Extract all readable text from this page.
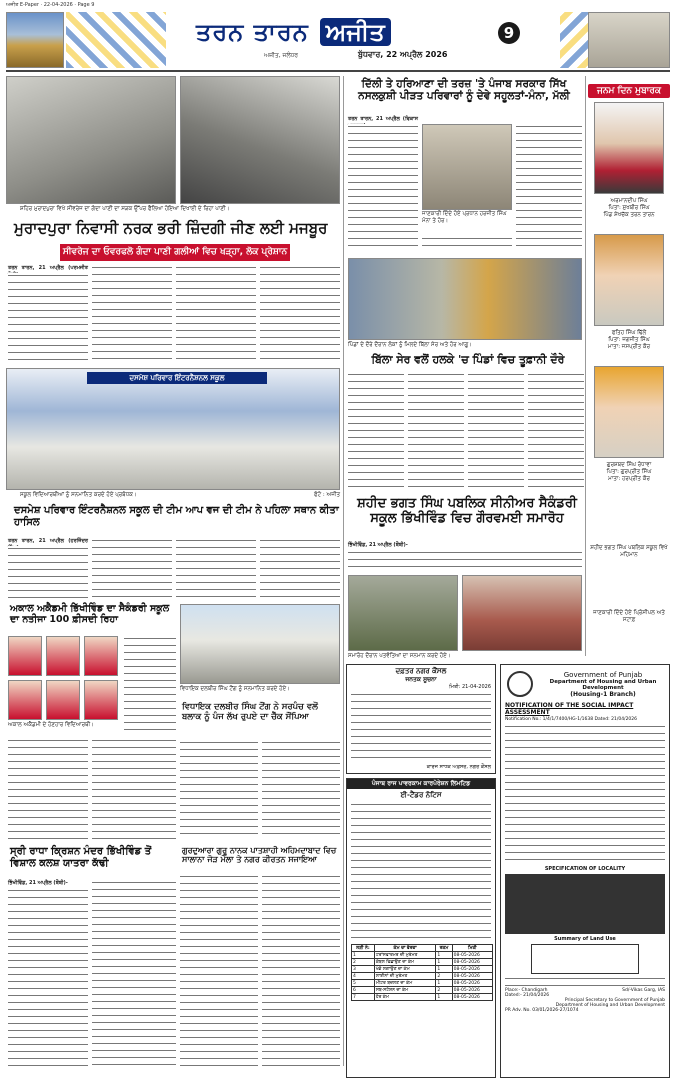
ਅਜੀਤ E-Paper · 22-04-2026 · Page 9
ਤਰਨ ਤਾਰਨ ਅਜੀਤ
ਅਜੀਤ, ਜਲੰਧਰ	ਬੁੱਧਵਾਰ, 22 ਅਪ੍ਰੈਲ 2026
9
ਸ਼ਹਿਰ ਮੁਰਾਦਪੁਰਾ ਵਿਖੇ ਸੀਵਰੇਜ ਦਾ ਗੰਦਾ ਪਾਣੀ ਦਾ ਸੜਕ ਉੱਪਰ ਫੈਲਿਆ ਹੋਇਆ ਦਿਖਾਈ ਦੇ ਰਿਹਾ ਪਾਣੀ।
ਮੁਰਾਦਪੁਰਾ ਨਿਵਾਸੀ ਨਰਕ ਭਰੀ ਜ਼ਿੰਦਗੀ ਜੀਣ ਲਈ ਮਜਬੂਰ
ਸੀਵਰੇਜ ਦਾ ਓਵਰਫਲੋ ਗੰਦਾ ਪਾਣੀ ਗਲੀਆਂ ਵਿਚ ਖੜ੍ਹਾ, ਲੋਕ ਪ੍ਰੇਸ਼ਾਨ
ਤਰਨ ਤਾਰਨ, 21 ਅਪ੍ਰੈਲ (ਪਰਮਜੀਤ
ਦਿੱਲੀ ਤੇ ਹਰਿਆਣਾ ਦੀ ਤਰਜ਼ 'ਤੇ ਪੰਜਾਬ ਸਰਕਾਰ ਸਿੱਖ ਨਸਲਕੁਸ਼ੀ ਪੀੜਤ ਪਰਿਵਾਰਾਂ ਨੂੰ ਦੇਵੇ ਸਹੂਲਤਾਂ-ਮੰਨਾ, ਮੱਲੀ
ਤਰਨ ਤਾਰਨ, 21 ਅਪ੍ਰੈਲ (ਵਿਕਾਸ
ਜਾਣਕਾਰੀ ਦਿੰਦੇ ਹੋਏ ਪ੍ਰਧਾਨ ਹਰਜੀਤ ਸਿੰਘ ਮੰਨਾ ਤੇ ਹੋਰ।
ਪਿੰਡਾਂ ਦੇ ਦੌਰੇ ਦੌਰਾਨ ਲੋਕਾਂ ਨੂੰ ਮਿਲਦੇ ਬਿੱਲਾ ਸੇਰ ਅਤੇ ਹੋਰ ਆਗੂ।
ਬਿੱਲਾ ਸੇਰ ਵਲੋਂ ਹਲਕੇ 'ਚ ਪਿੰਡਾਂ ਵਿਚ ਤੂਫ਼ਾਨੀ ਦੌਰੇ
ਦਸਮੇਸ਼ ਪਰਿਵਾਰ ਇੰਟਰਨੈਸ਼ਨਲ ਸਕੂਲ
ਸਕੂਲ ਵਿਦਿਆਰਥੀਆਂ ਨੂੰ ਸਨਮਾਨਿਤ ਕਰਦੇ ਹੋਏ ਪ੍ਰਬੰਧਕ।	ਫੋਟੋ : ਅਜੀਤ
ਦਸਮੇਸ਼ ਪਰਿਵਾਰ ਇੰਟਰਨੈਸ਼ਨਲ ਸਕੂਲ ਦੀ ਟੀਮ ਆਪ ਵਜ ਦੀ ਟੀਮ ਨੇ ਪਹਿਲਾ ਸਥਾਨ ਕੀਤਾ ਹਾਸਿਲ
ਸ਼ਹੀਦ ਭਗਤ ਸਿੰਘ ਪਬਲਿਕ ਸੀਨੀਅਰ ਸੈਕੰਡਰੀ ਸਕੂਲ ਭਿੱਖੀਵਿੰਡ ਵਿਚ ਗੌਰਵਮਈ ਸਮਾਰੋਹ
ਭਿੱਖੀਵਿੰਡ, 21 ਅਪ੍ਰੈਲ (ਬੌਬੀ)-
ਸਮਾਰੋਹ ਦੌਰਾਨ ਪਤਵੰਤਿਆਂ ਦਾ ਸਨਮਾਨ ਕਰਦੇ ਹੋਏ।
ਤਰਨ ਤਾਰਨ, 21 ਅਪ੍ਰੈਲ (ਹਰਜਿੰਦਰ
ਅਕਾਲ ਅਕੈਡਮੀ ਭਿੱਖੀਵਿੰਡ ਦਾ ਸੈਕੰਡਰੀ ਸਕੂਲ ਦਾ ਨਤੀਜਾ 100 ਫ਼ੀਸਦੀ ਰਿਹਾ
ਅਕਾਲ ਅਕੈਡਮੀ ਦੇ ਹੋਣਹਾਰ ਵਿਦਿਆਰਥੀ।
ਵਿਧਾਇਕ ਦਲਬੀਰ ਸਿੰਘ ਟੌਂਗ ਨੂੰ ਸਨਮਾਨਿਤ ਕਰਦੇ ਹੋਏ।
ਵਿਧਾਇਕ ਦਲਬੀਰ ਸਿੰਘ ਟੌਂਗ ਨੇ ਸਰਪੰਚ ਵਲੋਂ ਬਲਾਕ ਨੂੰ ਪੰਜ ਲੱਖ ਰੁਪਏ ਦਾ ਚੈੱਕ ਸੌਂਪਿਆ
ਸ੍ਰੀ ਰਾਧਾ ਕ੍ਰਿਸ਼ਨ ਮੰਦਰ ਭਿੱਖੀਵਿੰਡ ਤੋਂ ਵਿਸ਼ਾਲ ਕਲਸ਼ ਯਾਤਰਾ ਕੱਢੀ
ਭਿੱਖੀਵਿੰਡ, 21 ਅਪ੍ਰੈਲ (ਬੌਬੀ)-
ਗੁਰਦੁਆਰਾ ਗੁਰੂ ਨਾਨਕ ਪਾਤਸ਼ਾਹੀ ਅਹਿਮਦਾਬਾਦ ਵਿਚ ਸਾਲਾਨਾ ਜੋੜ ਮੇਲਾ ਤੇ ਨਗਰ ਕੀਰਤਨ ਸਜਾਇਆ
ਦਫ਼ਤਰ ਨਗਰ ਕੌਂਸਲ
ਜਨਤਕ ਸੂਚਨਾ
ਮਿਤੀ: 21-04-2026
ਕਾਰਜ ਸਾਧਕ ਅਫ਼ਸਰ, ਨਗਰ ਕੌਂਸਲ
ਪੰਜਾਬ ਰਾਜ ਪਾਵਰਕਾਮ ਕਾਰਪੋਰੇਸ਼ਨ ਲਿਮਟਿਡ
ਈ-ਟੈਂਡਰ ਨੋਟਿਸ
ਲੜੀ ਨੰ:	ਕੰਮ ਦਾ ਵੇਰਵਾ	ਰਕਮ	ਮਿਤੀ
1	ਟਰਾਂਸਫਾਰਮਰ ਦੀ ਮੁਰੰਮਤ	1	08-05-2026
2	ਕੇਬਲ ਵਿਛਾਉਣ ਦਾ ਕੰਮ	1	08-05-2026
3	ਖੰਭੇ ਲਗਾਉਣ ਦਾ ਕੰਮ	1	08-05-2026
4	ਲਾਈਨਾਂ ਦੀ ਮੁਰੰਮਤ	2	08-05-2026
5	ਮੀਟਰ ਬਦਲਣ ਦਾ ਕੰਮ	1	08-05-2026
6	ਸਬ-ਸਟੇਸ਼ਨ ਦਾ ਕੰਮ	2	08-05-2026
7	ਹੋਰ ਕੰਮ	1	08-05-2026
Government of Punjab
Department of Housing and Urban Development
(Housing-1 Branch)
NOTIFICATION OF THE SOCIAL IMPACT ASSESSMENT
Notification No.: 1/4/1/7400/HG-1/1638 Dated: 21/04/2026
SPECIFICATION OF LOCALITY
Summary of Land Use
Place:- Chandigarh
Dated:- 21/04/2026
Sd/-Vikas Garg, IAS
Principal Secretary to Government of Punjab
Department of Housing and Urban Development
PR Adv. No. 03/01/2026-27/1074
ਜਨਮ ਦਿਨ ਮੁਬਾਰਕ
ਅਰਮਾਨਦੀਪ ਸਿੰਘ
ਪਿਤਾ: ਸੁਖਬੀਰ ਸਿੰਘ
ਪਿੰਡ ਸ਼ੇਖਚੱਕ ਤਰਨ ਤਾਰਨ
ਫਤਿਹ ਸਿੰਘ ਢਿੱਲੋਂ
ਪਿਤਾ: ਜਗਜੀਤ ਸਿੰਘ
ਮਾਤਾ: ਜਸਪ੍ਰੀਤ ਕੌਰ
ਗੁਰਸ਼ਬਦ ਸਿੰਘ ਰੰਧਾਵਾ
ਪਿਤਾ: ਗੁਰਪ੍ਰੀਤ ਸਿੰਘ
ਮਾਤਾ: ਹਰਪ੍ਰੀਤ ਕੌਰ
ਸ਼ਹੀਦ ਭਗਤ ਸਿੰਘ ਪਬਲਿਕ ਸਕੂਲ ਵਿਖੇ ਮਹਿਮਾਨ
ਜਾਣਕਾਰੀ ਦਿੰਦੇ ਹੋਏ ਪ੍ਰਿੰਸੀਪਲ ਅਤੇ ਸਟਾਫ਼
